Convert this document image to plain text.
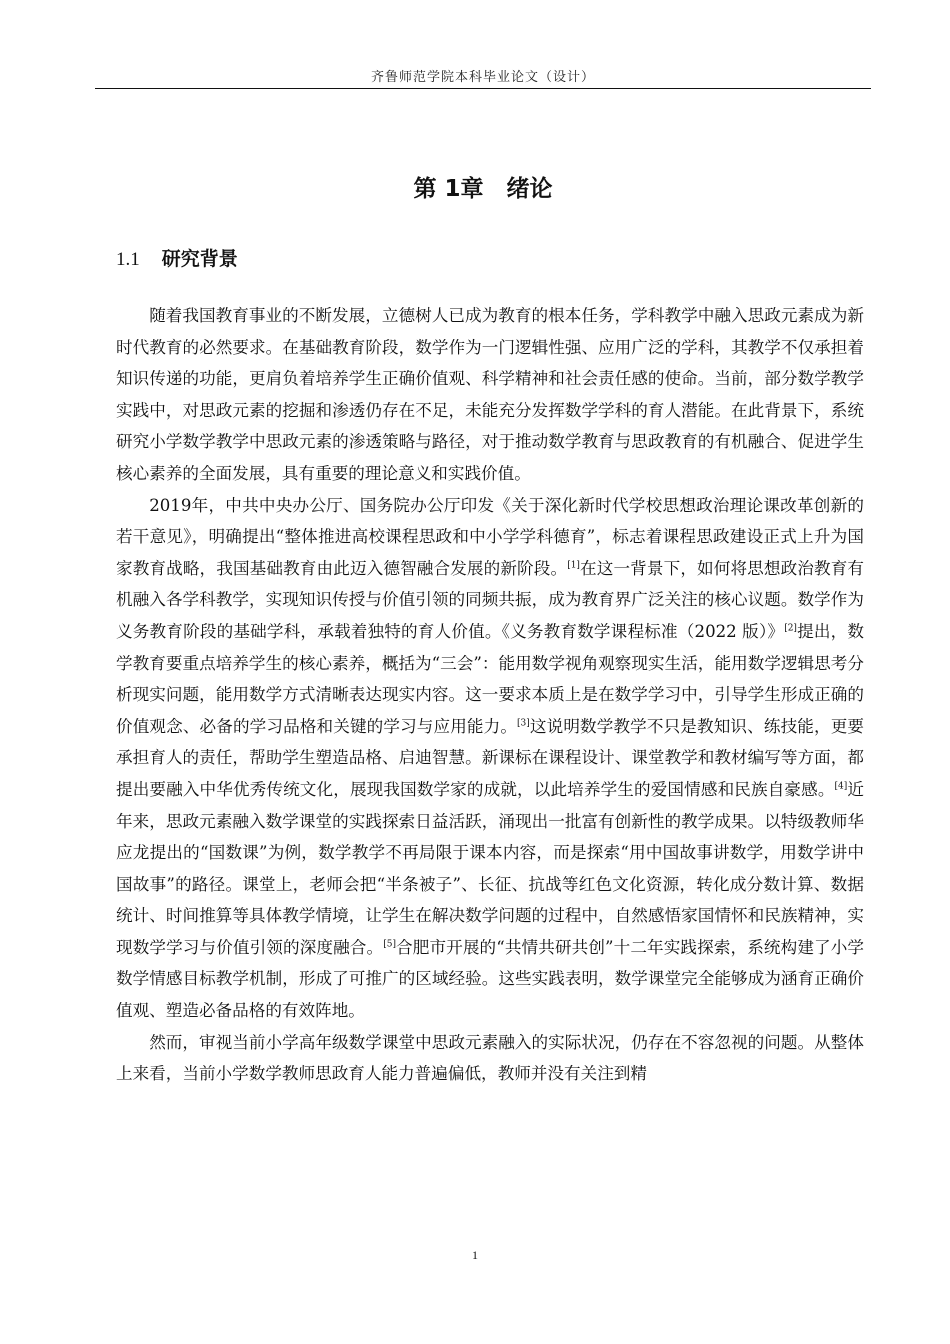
齐鲁师范学院本科毕业论文（设计）
第 1章　绪论
1.1 研究背景

随着我国教育事业的不断发展，立德树人已成为教育的根本任务，学科教学中融入思政元素成为新时代教育的必然要求。在基础教育阶段，数学作为一门逻辑性强、应用广泛的学科，其教学不仅承担着知识传递的功能，更肩负着培养学生正确价值观、科学精神和社会责任感的使命。当前，部分数学教学实践中，对思政元素的挖掘和渗透仍存在不足，未能充分发挥数学学科的育人潜能。在此背景下，系统研究小学数学教学中思政元素的渗透策略与路径，对于推动数学教育与思政教育的有机融合、促进学生核心素养的全面发展，具有重要的理论意义和实践价值。

2019年，中共中央办公厅、国务院办公厅印发《关于深化新时代学校思想政治理论课改革创新的若干意见》，明确提出“整体推进高校课程思政和中小学学科德育”，标志着课程思政建设正式上升为国家教育战略，我国基础教育由此迈入德智融合发展的新阶段。[1]在这一背景下，如何将思想政治教育有机融入各学科教学，实现知识传授与价值引领的同频共振，成为教育界广泛关注的核心议题。数学作为义务教育阶段的基础学科，承载着独特的育人价值。《义务教育数学课程标准（2022 版）》[2]提出，数学教育要重点培养学生的核心素养，概括为“三会”：能用数学视角观察现实生活，能用数学逻辑思考分析现实问题，能用数学方式清晰表达现实内容。这一要求本质上是在数学学习中，引导学生形成正确的价值观念、必备的学习品格和关键的学习与应用能力。[3]这说明数学教学不只是教知识、练技能，更要承担育人的责任，帮助学生塑造品格、启迪智慧。新课标在课程设计、课堂教学和教材编写等方面，都提出要融入中华优秀传统文化，展现我国数学家的成就，以此培养学生的爱国情感和民族自豪感。[4]近年来，思政元素融入数学课堂的实践探索日益活跃，涌现出一批富有创新性的教学成果。以特级教师华应龙提出的“国数课”为例，数学教学不再局限于课本内容，而是探索“用中国故事讲数学，用数学讲中国故事”的路径。课堂上，老师会把“半条被子”、长征、抗战等红色文化资源，转化成分数计算、数据统计、时间推算等具体教学情境，让学生在解决数学问题的过程中，自然感悟家国情怀和民族精神，实现数学学习与价值引领的深度融合。[5]合肥市开展的“共情共研共创”十二年实践探索，系统构建了小学数学情感目标教学机制，形成了可推广的区域经验。这些实践表明，数学课堂完全能够成为涵育正确价值观、塑造必备品格的有效阵地。

然而，审视当前小学高年级数学课堂中思政元素融入的实际状况，仍存在不容忽视的问题。从整体上来看，当前小学数学教师思政育人能力普遍偏低，教师并没有关注到精

1
